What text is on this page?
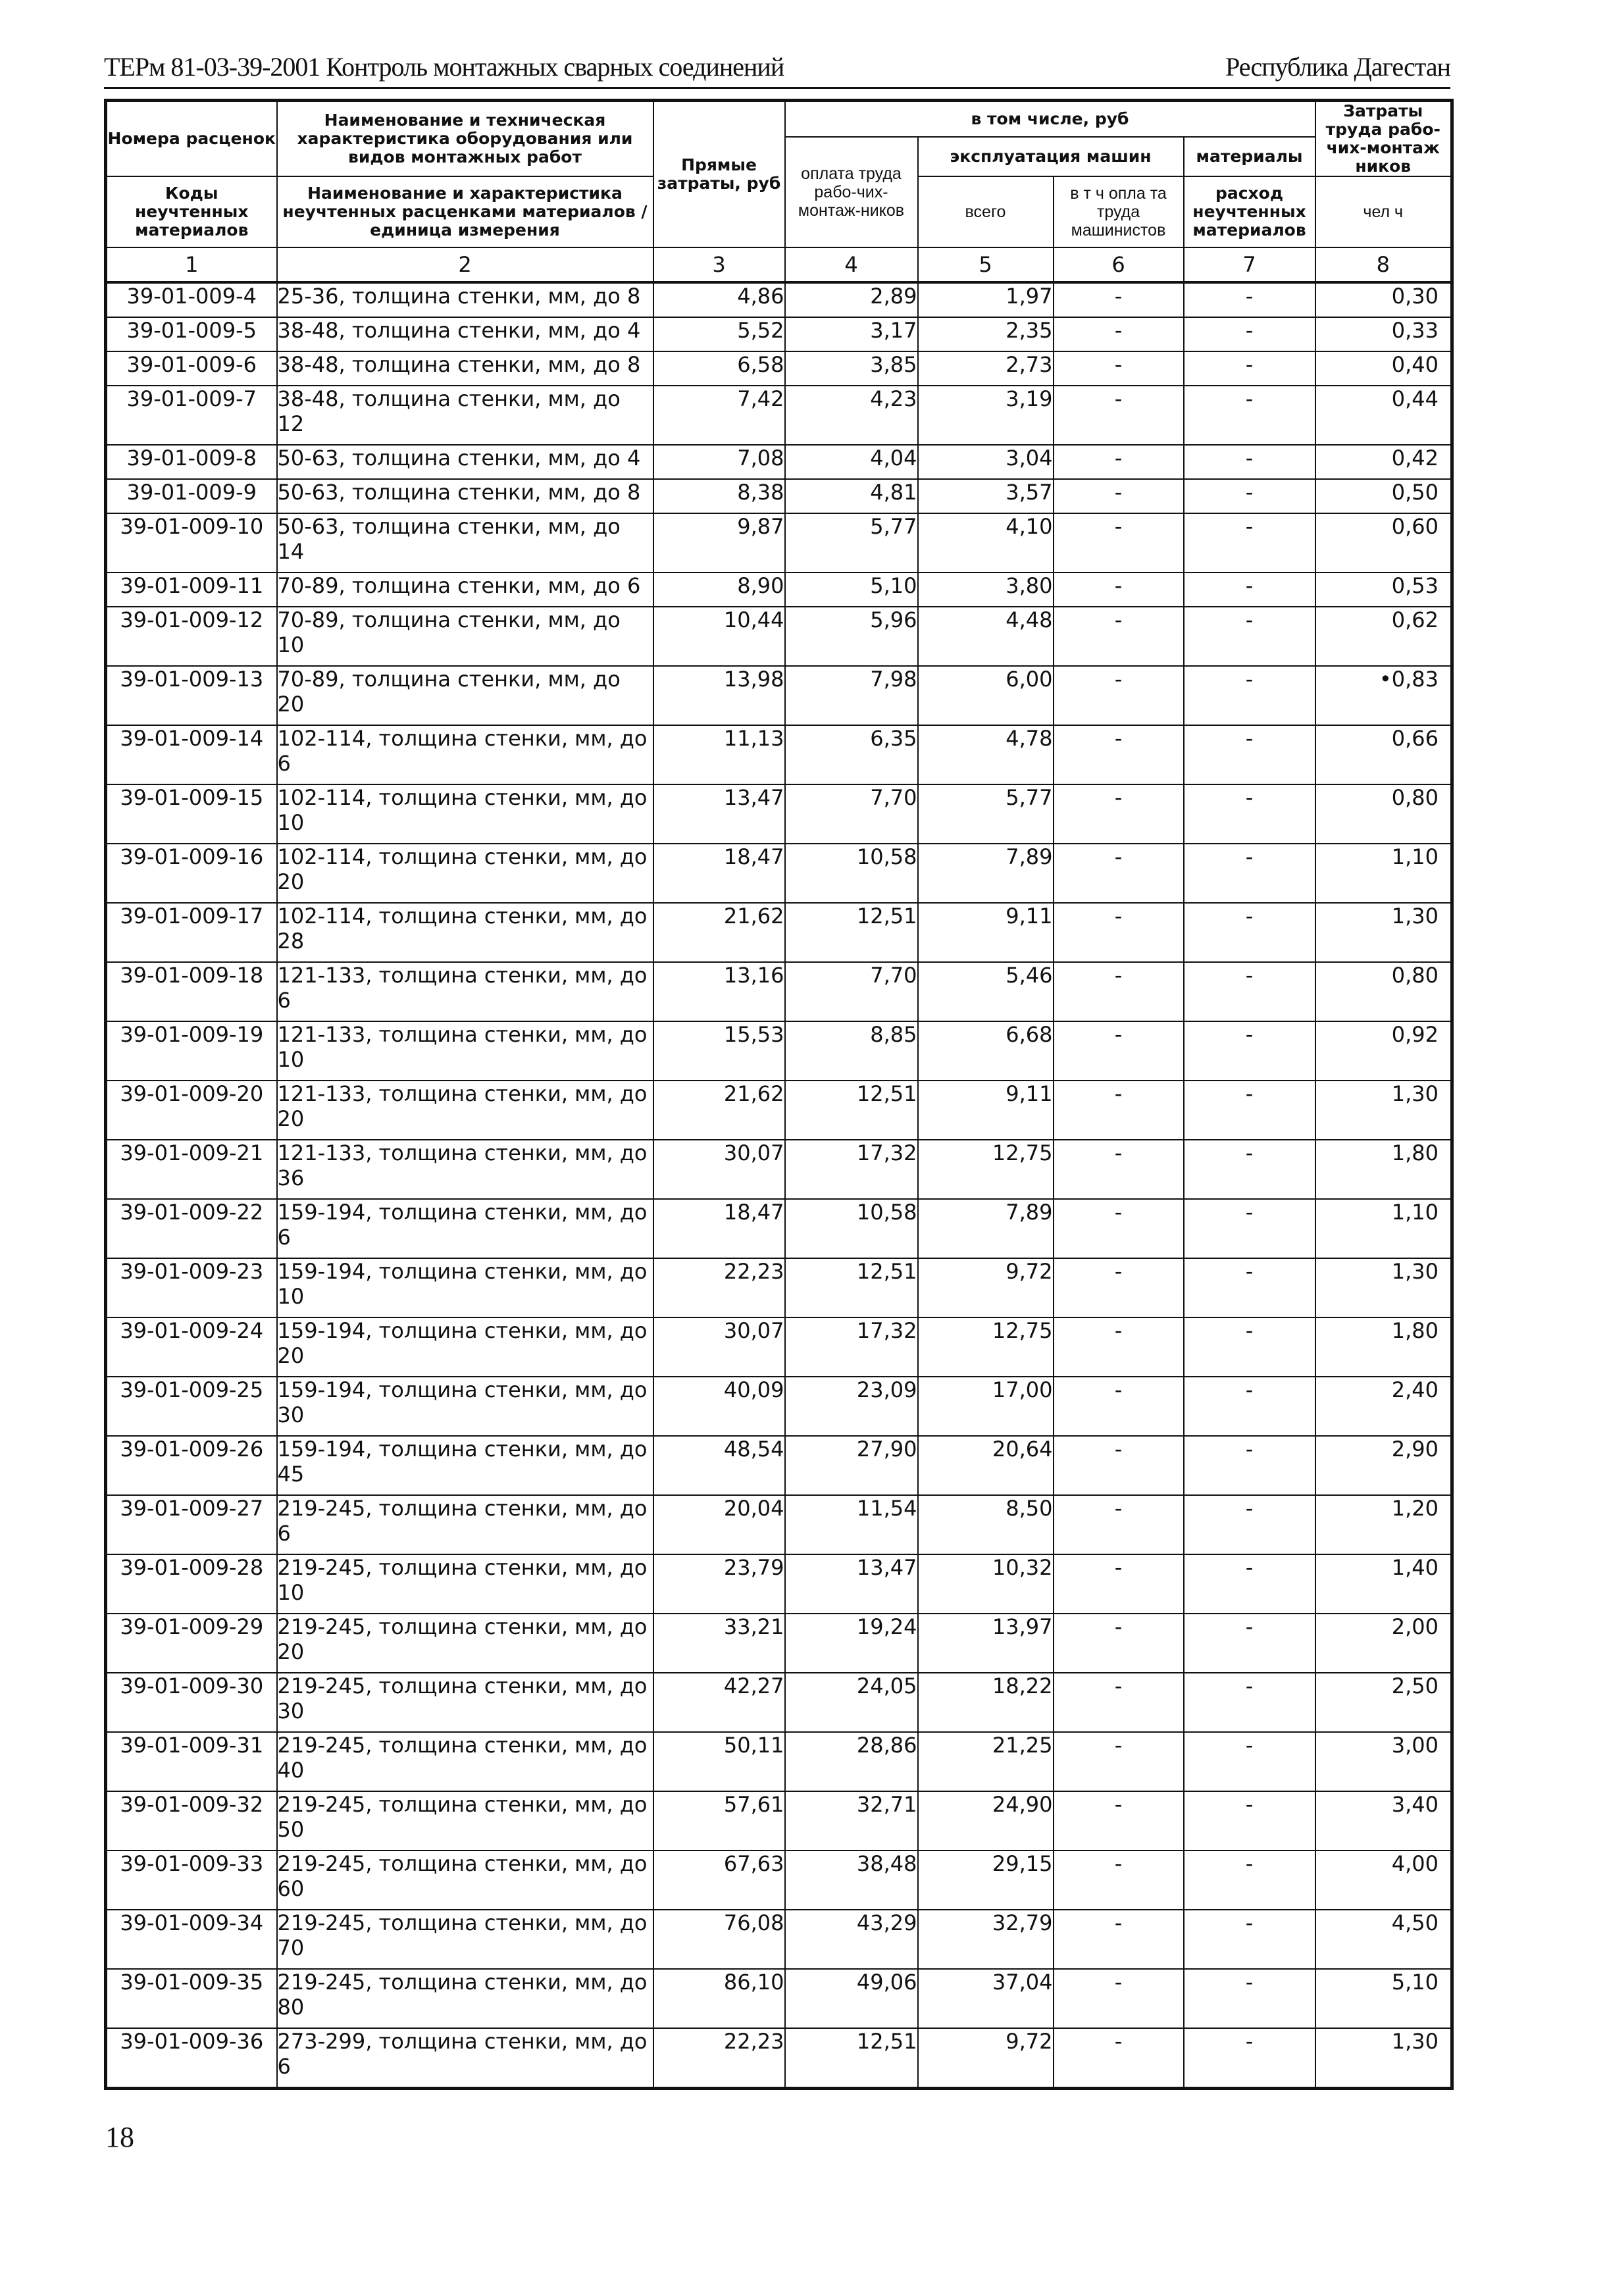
ТЕРм 81-03-39-2001 Контроль монтажных сварных соединений	Республика Дагестан
Номера расценок	Наименование и техническая характеристика оборудования или видов монтажных работ	Прямые затраты, руб	в том числе, руб				Затраты труда рабо-чих-монтаж ников
			оплата труда рабо-чих-монтаж-ников	эксплуатация машин		материалы	
Коды неучтенных материалов	Наименование и характеристика неучтенных расценками материалов / единица измерения			всего	в т ч опла та труда машинистов	расход неучтенных материалов	чел ч
1	2	3	4	5	6	7	8
39-01-009-4	25-36, толщина стенки, мм, до 8	4,86	2,89	1,97	-	-	0,30
39-01-009-5	38-48, толщина стенки, мм, до 4	5,52	3,17	2,35	-	-	0,33
39-01-009-6	38-48, толщина стенки, мм, до 8	6,58	3,85	2,73	-	-	0,40
39-01-009-7	38-48, толщина стенки, мм, до 12	7,42	4,23	3,19	-	-	0,44
39-01-009-8	50-63, толщина стенки, мм, до 4	7,08	4,04	3,04	-	-	0,42
39-01-009-9	50-63, толщина стенки, мм, до 8	8,38	4,81	3,57	-	-	0,50
39-01-009-10	50-63, толщина стенки, мм, до 14	9,87	5,77	4,10	-	-	0,60
39-01-009-11	70-89, толщина стенки, мм, до 6	8,90	5,10	3,80	-	-	0,53
39-01-009-12	70-89, толщина стенки, мм, до 10	10,44	5,96	4,48	-	-	0,62
39-01-009-13	70-89, толщина стенки, мм, до 20	13,98	7,98	6,00	-	-	•0,83
39-01-009-14	102-114, толщина стенки, мм, до 6	11,13	6,35	4,78	-	-	0,66
39-01-009-15	102-114, толщина стенки, мм, до 10	13,47	7,70	5,77	-	-	0,80
39-01-009-16	102-114, толщина стенки, мм, до 20	18,47	10,58	7,89	-	-	1,10
39-01-009-17	102-114, толщина стенки, мм, до 28	21,62	12,51	9,11	-	-	1,30
39-01-009-18	121-133, толщина стенки, мм, до 6	13,16	7,70	5,46	-	-	0,80
39-01-009-19	121-133, толщина стенки, мм, до 10	15,53	8,85	6,68	-	-	0,92
39-01-009-20	121-133, толщина стенки, мм, до 20	21,62	12,51	9,11	-	-	1,30
39-01-009-21	121-133, толщина стенки, мм, до 36	30,07	17,32	12,75	-	-	1,80
39-01-009-22	159-194, толщина стенки, мм, до 6	18,47	10,58	7,89	-	-	1,10
39-01-009-23	159-194, толщина стенки, мм, до 10	22,23	12,51	9,72	-	-	1,30
39-01-009-24	159-194, толщина стенки, мм, до 20	30,07	17,32	12,75	-	-	1,80
39-01-009-25	159-194, толщина стенки, мм, до 30	40,09	23,09	17,00	-	-	2,40
39-01-009-26	159-194, толщина стенки, мм, до 45	48,54	27,90	20,64	-	-	2,90
39-01-009-27	219-245, толщина стенки, мм, до 6	20,04	11,54	8,50	-	-	1,20
39-01-009-28	219-245, толщина стенки, мм, до 10	23,79	13,47	10,32	-	-	1,40
39-01-009-29	219-245, толщина стенки, мм, до 20	33,21	19,24	13,97	-	-	2,00
39-01-009-30	219-245, толщина стенки, мм, до 30	42,27	24,05	18,22	-	-	2,50
39-01-009-31	219-245, толщина стенки, мм, до 40	50,11	28,86	21,25	-	-	3,00
39-01-009-32	219-245, толщина стенки, мм, до 50	57,61	32,71	24,90	-	-	3,40
39-01-009-33	219-245, толщина стенки, мм, до 60	67,63	38,48	29,15	-	-	4,00
39-01-009-34	219-245, толщина стенки, мм, до 70	76,08	43,29	32,79	-	-	4,50
39-01-009-35	219-245, толщина стенки, мм, до 80	86,10	49,06	37,04	-	-	5,10
39-01-009-36	273-299, толщина стенки, мм, до 6	22,23	12,51	9,72	-	-	1,30
18
